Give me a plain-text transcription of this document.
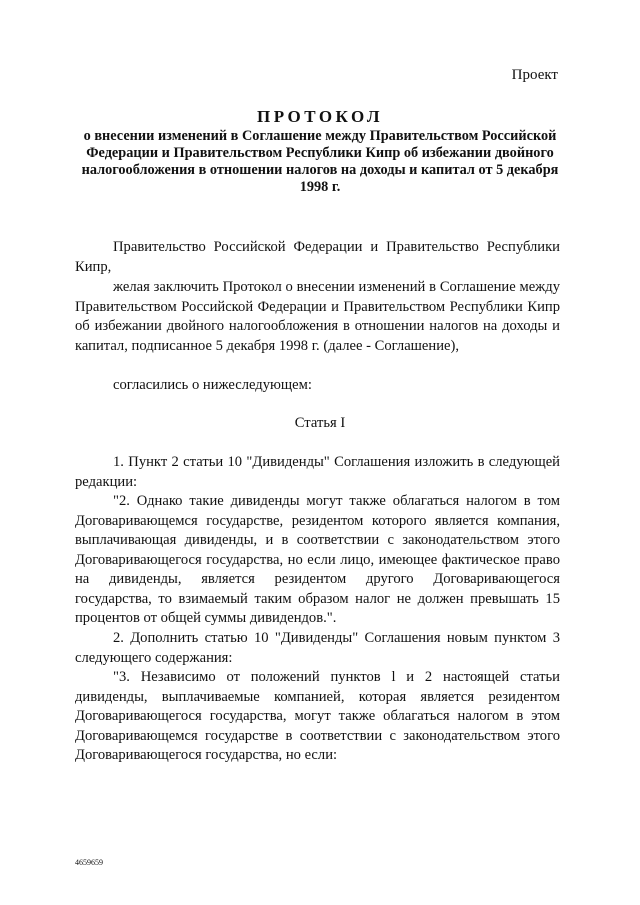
Проект
ПРОТОКОЛ

о внесении изменений в Соглашение между Правительством Российской Федерации и Правительством Республики Кипр об избежании двойного налогообложения в отношении налогов на доходы и капитал от 5 декабря 1998 г.

Правительство Российской Федерации и Правительство Республики Кипр,

желая заключить Протокол о внесении изменений в Соглашение между Правительством Российской Федерации и Правительством Республики Кипр об избежании двойного налогообложения в отношении налогов на доходы и капитал, подписанное 5 декабря 1998 г. (далее - Соглашение),

согласились о нижеследующем:

Статья I

1. Пункт 2 статьи 10 "Дивиденды" Соглашения изложить в следующей редакции:

"2. Однако такие дивиденды могут также облагаться налогом в том Договаривающемся государстве, резидентом которого является компания, выплачивающая дивиденды, и в соответствии с законодательством этого Договаривающегося государства, но если лицо, имеющее фактическое право на дивиденды, является резидентом другого Договаривающегося государства, то взимаемый таким образом налог не должен превышать 15 процентов от общей суммы дивидендов.".

2. Дополнить статью 10 "Дивиденды" Соглашения новым пунктом 3 следующего содержания:

"3. Независимо от положений пунктов l и 2 настоящей статьи дивиденды, выплачиваемые компанией, которая является резидентом Договаривающегося государства, могут также облагаться налогом в этом Договаривающемся государстве в соответствии с законодательством этого Договаривающегося государства, но если:

4659659
